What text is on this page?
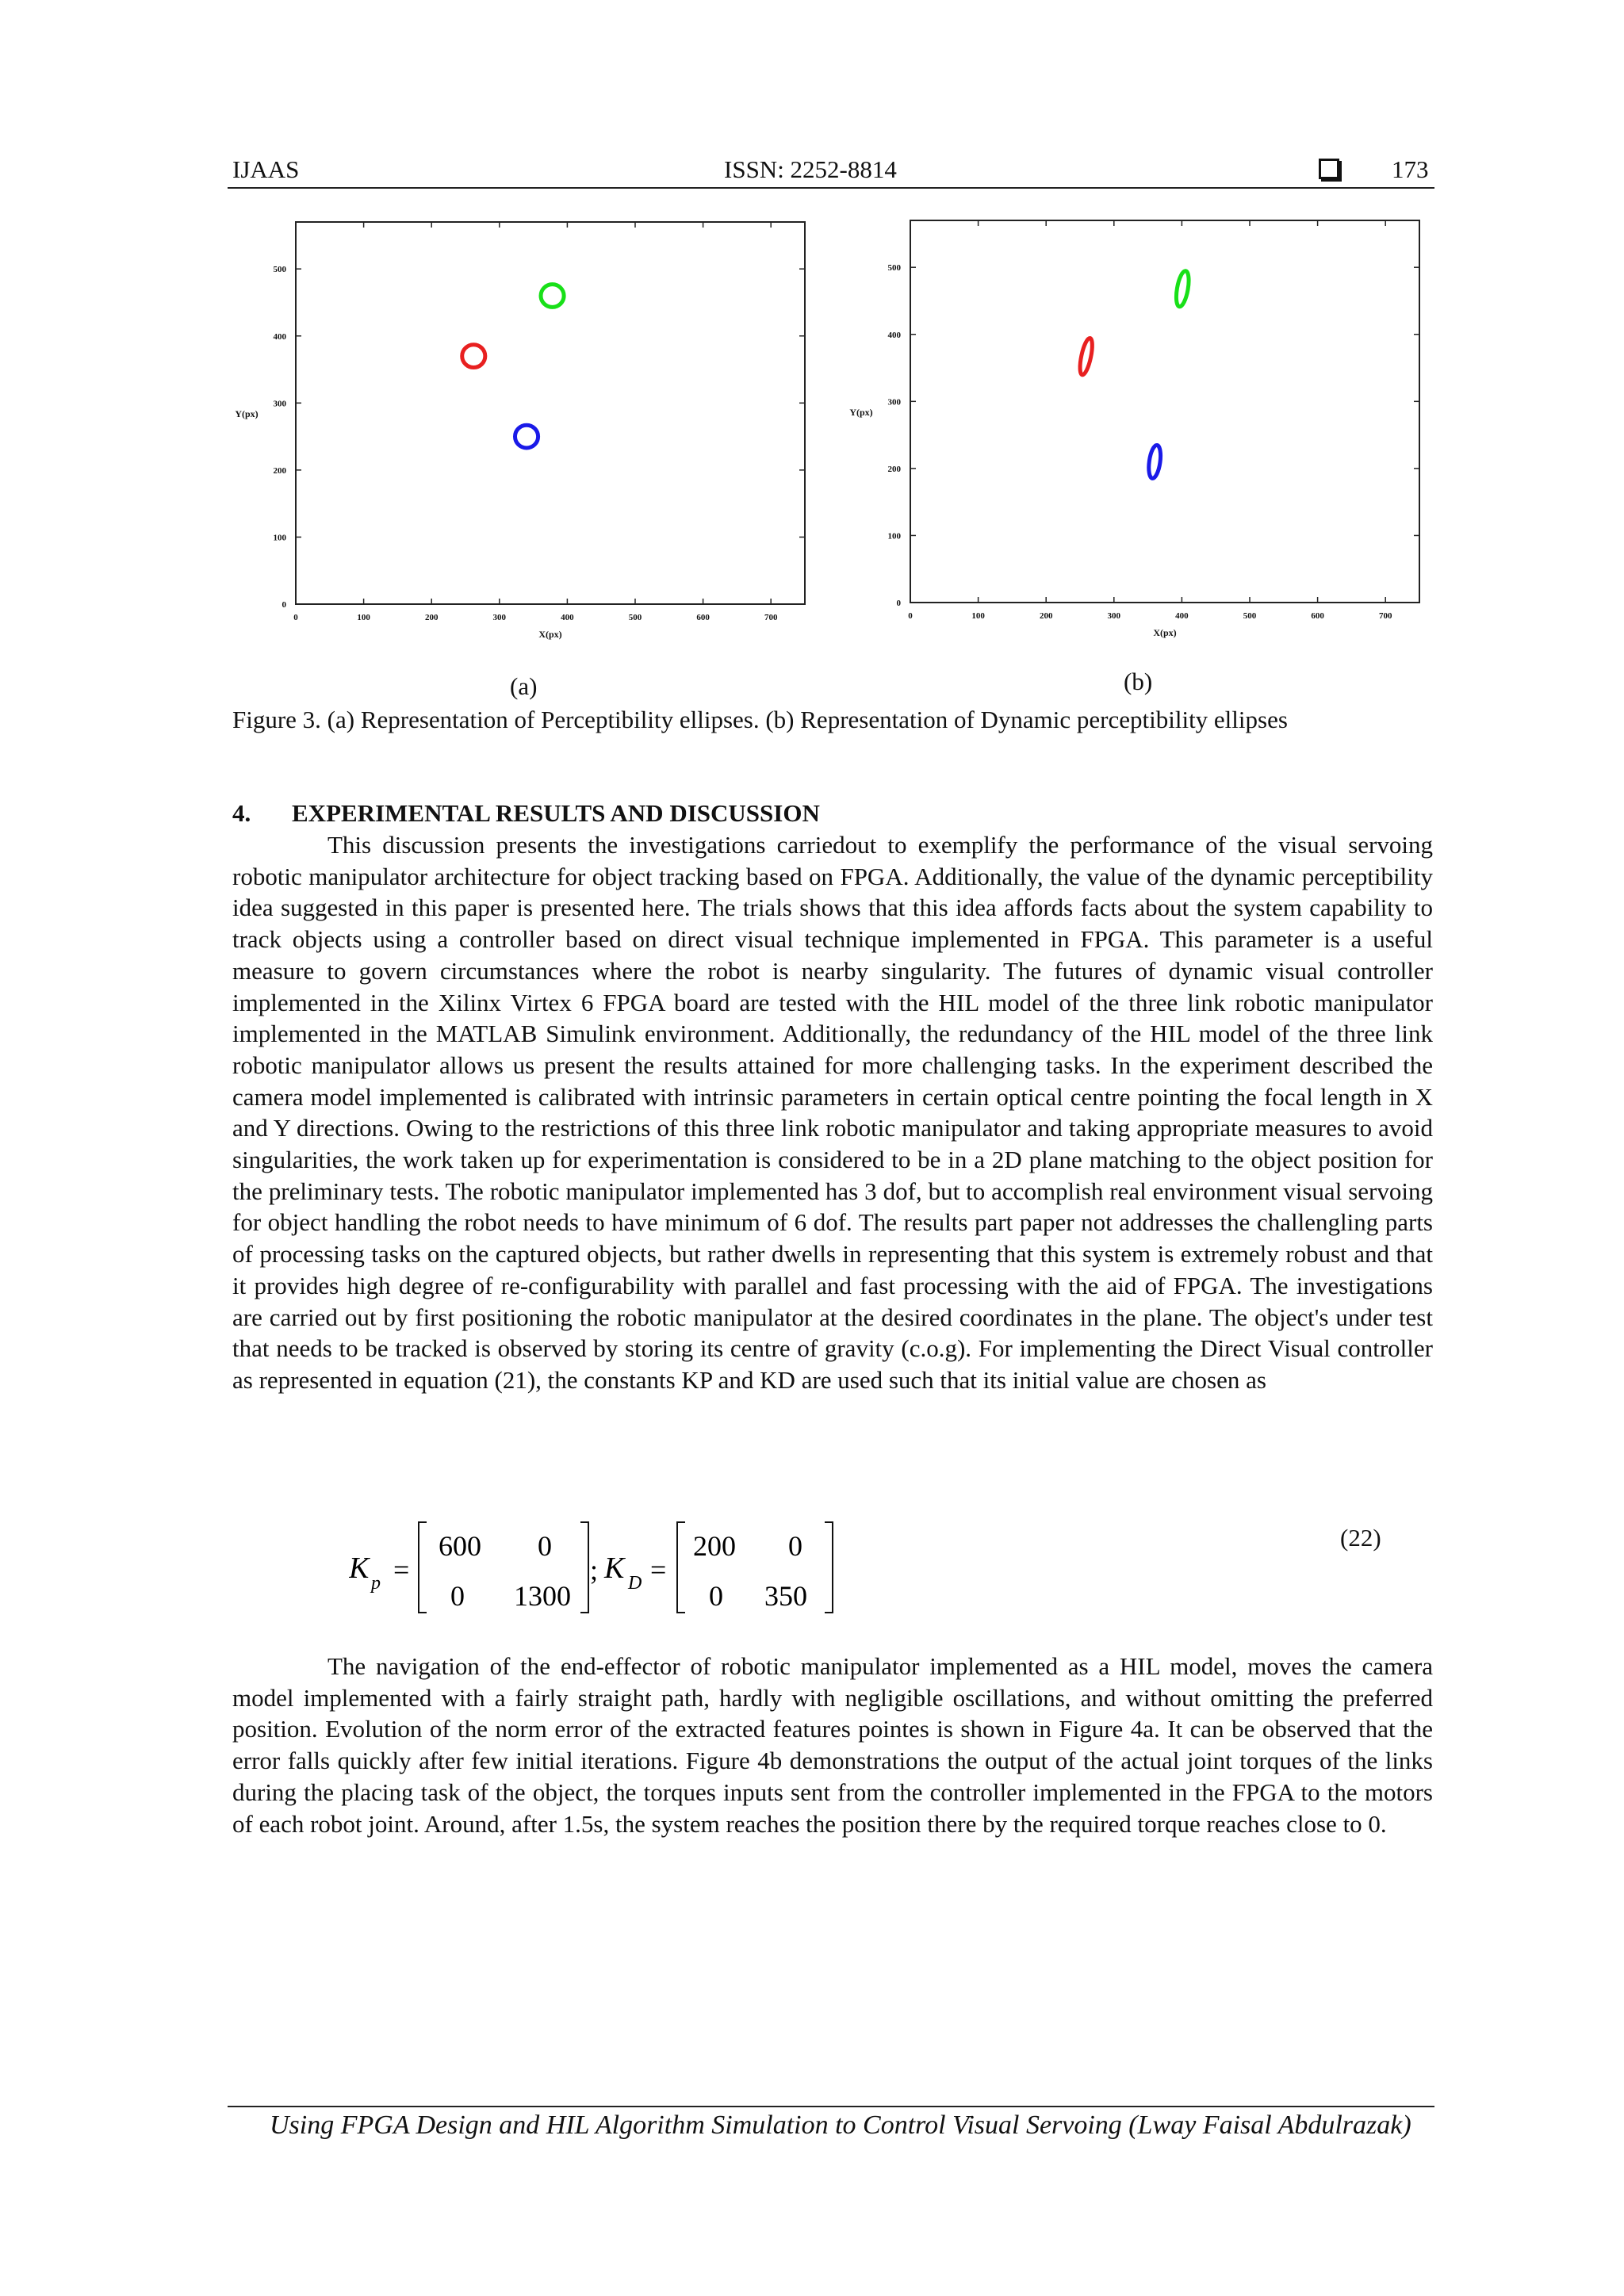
IJAAS	ISSN: 2252-8814	173
0	100	200	300	400	500	600	700
0
100
200
300
400
500
X(px)
Y(px)
0	100	200	300	400	500	600	700
0
100
200
300
400
500
X(px)
Y(px)
(a)	(b)
Figure 3. (a) Representation of Perceptibility ellipses. (b) Representation of Dynamic perceptibility ellipses
4. EXPERIMENTAL RESULTS AND DISCUSSION
This discussion presents the investigations carriedout to exemplify the performance of the visual servoing robotic manipulator architecture for object tracking based on FPGA. Additionally, the value of the dynamic perceptibility idea suggested in this paper is presented here. The trials shows that this idea affords facts about the system capability to track objects using a controller based on direct visual technique implemented in FPGA. This parameter is a useful measure to govern circumstances where the robot is nearby singularity. The futures of dynamic visual controller implemented in the Xilinx Virtex 6 FPGA board are tested with the HIL model of the three link robotic manipulator implemented in the MATLAB Simulink environment. Additionally, the redundancy of the HIL model of the three link robotic manipulator allows us present the results attained for more challenging tasks. In the experiment described the camera model implemented is calibrated with intrinsic parameters in certain optical centre pointing the focal length in X and Y directions. Owing to the restrictions of this three link robotic manipulator and taking appropriate measures to avoid singularities, the work taken up for experimentation is considered to be in a 2D plane matching to the object position for the preliminary tests. The robotic manipulator implemented has 3 dof, but to accomplish real environment visual servoing for object handling the robot needs to have minimum of 6 dof. The results part paper not addresses the challengling parts of processing tasks on the captured objects, but rather dwells in representing that this system is extremely robust and that it provides high degree of re-configurability with parallel and fast processing with the aid of FPGA. The investigations are carried out by first positioning the robotic manipulator at the desired coordinates in the plane. The object's under test that needs to be tracked is observed by storing its centre of gravity (c.o.g). For implementing the Direct Visual controller as represented in equation (21), the constants KP and KD are used such that its initial value are chosen as
K p =
600 0
0 1300
; K D =
200 0
0 350
(22)
The navigation of the end-effector of robotic manipulator implemented as a HIL model, moves the camera model implemented with a fairly straight path, hardly with negligible oscillations, and without omitting the preferred position. Evolution of the norm error of the extracted features pointes is shown in Figure 4a. It can be observed that the error falls quickly after few initial iterations. Figure 4b demonstrations the output of the actual joint torques of the links during the placing task of the object, the torques inputs sent from the controller implemented in the FPGA to the motors of each robot joint. Around, after 1.5s, the system reaches the position there by the required torque reaches close to 0.
Using FPGA Design and HIL Algorithm Simulation to Control Visual Servoing (Lway Faisal Abdulrazak)
